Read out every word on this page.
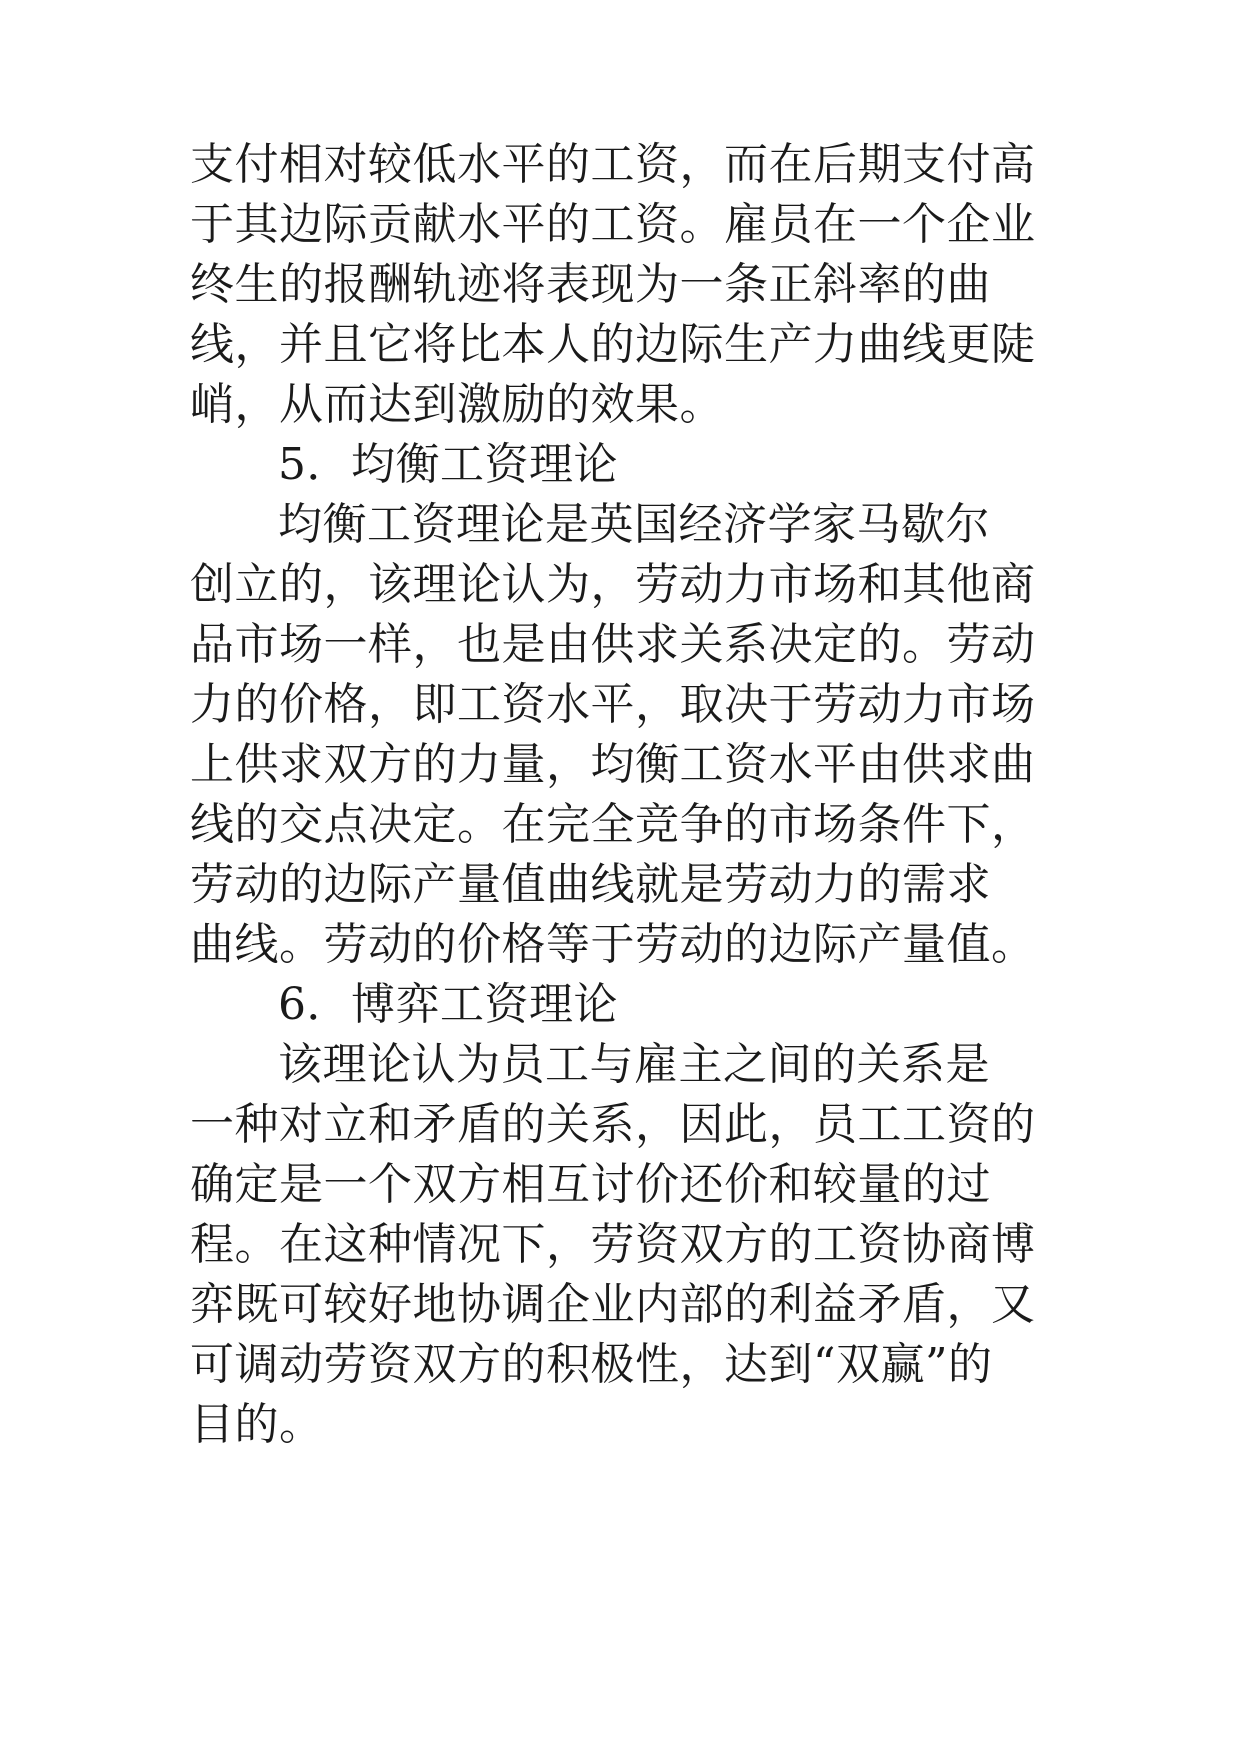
支付相对较低水平的工资，而在后期支付高
于其边际贡献水平的工资。雇员在一个企业
终生的报酬轨迹将表现为一条正斜率的曲
线，并且它将比本人的边际生产力曲线更陡
峭，从而达到激励的效果。
5．均衡工资理论
均衡工资理论是英国经济学家马歇尔
创立的，该理论认为，劳动力市场和其他商
品市场一样，也是由供求关系决定的。劳动
力的价格，即工资水平，取决于劳动力市场
上供求双方的力量，均衡工资水平由供求曲
线的交点决定。在完全竞争的市场条件下，
劳动的边际产量值曲线就是劳动力的需求
曲线。劳动的价格等于劳动的边际产量值。
6．博弈工资理论
该理论认为员工与雇主之间的关系是
一种对立和矛盾的关系，因此，员工工资的
确定是一个双方相互讨价还价和较量的过
程。在这种情况下，劳资双方的工资协商博
弈既可较好地协调企业内部的利益矛盾，又
可调动劳资双方的积极性，达到“双赢”的
目的。
